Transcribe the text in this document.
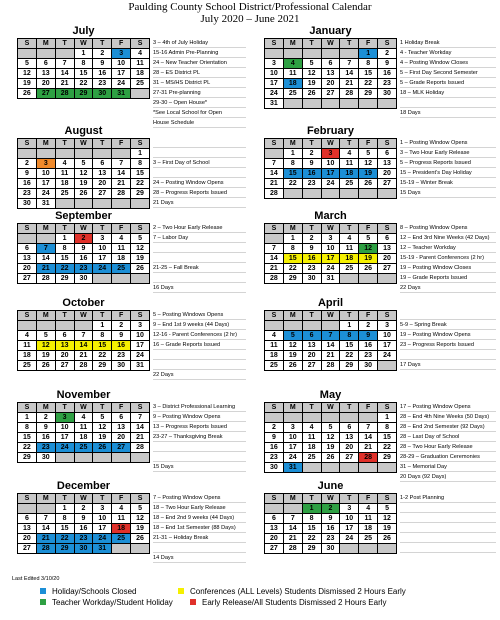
Paulding County School District/Professional Calendar
July 2020 – June 2021
July
S	M	T	W	T	F	S
			1	2	3	4
5	6	7	8	9	10	11
12	13	14	15	16	17	18
19	20	21	22	23	24	25
26	27	28	29	30	31	
3 – 4th of July Holiday
15-16 Admin Pre-Planning
24 – New Teacher Orientation
28 – ES District PL
31 – MS/HS District PL
27-31 Pre-planning
29-30 – Open House*
*See Local School for Open
House Schedule
August
S	M	T	W	T	F	S
						1
2	3	4	5	6	7	8
9	10	11	12	13	14	15
16	17	18	19	20	21	22
23	24	25	26	27	28	29
30	31					
3 – First Day of School
24 – Posting Window Opens
28 – Progress Reports Issued
21 Days
September
S	M	T	W	T	F	S
		1	2	3	4	5
6	7	8	9	10	11	12
13	14	15	16	17	18	19
20	21	22	23	24	25	26
27	28	29	30			
2 – Two Hour Early Release
7 – Labor Day
21-25 – Fall Break
16 Days
October
S	M	T	W	T	F	S
				1	2	3
4	5	6	7	8	9	10
11	12	13	14	15	16	17
18	19	20	21	22	23	24
25	26	27	28	29	30	31
5 – Posting Windows Opens
9 – End 1st 9 weeks (44 Days)
12-16 - Parent Conferences (2 hr)
16 – Grade Reports Issued
22 Days
November
S	M	T	W	T	F	S
1	2	3	4	5	6	7
8	9	10	11	12	13	14
15	16	17	18	19	20	21
22	23	24	25	26	27	28
29	30					
3 – District Professional Learning
9 – Posting Window Opens
13 – Progress Reports Issued
23-27 – Thanksgiving Break
15 Days
December
S	M	T	W	T	F	S
		1	2	3	4	5
6	7	8	9	10	11	12
13	14	15	16	17	18	19
20	21	22	23	24	25	26
27	28	29	30	31		
7 – Posting Window Opens
18 – Two Hour Early Release
18 – End 2nd 9 weeks (44 Days)
18 – End 1st Semester (88 Days)
21-31 – Holiday Break
14 Days
January
S	M	T	W	T	F	S
					1	2
3	4	5	6	7	8	9
10	11	12	13	14	15	16
17	18	19	20	21	22	23
24	25	26	27	28	29	30
31						
1 Holiday Break
4 - Teacher Workday
4 – Posting Window Closes
5 – First Day Second Semester
5 – Grade Reports Issued
18 – MLK Holiday
18 Days
February
S	M	T	W	T	F	S
	1	2	3	4	5	6
7	8	9	10	11	12	13
14	15	16	17	18	19	20
21	22	23	24	25	26	27
28						
1 – Posting Window Opens
3 – Two Hour Early Release
5 – Progress Reports Issued
15 – President’s Day Holiday
15-19 – Winter Break
15 Days
March
S	M	T	W	T	F	S
	1	2	3	4	5	6
7	8	9	10	11	12	13
14	15	16	17	18	19	20
21	22	23	24	25	26	27
28	29	30	31			
8 – Posting Window Opens
12 – End 3rd Nine Weeks (42 Days)
12 – Teacher Workday
15-19 - Parent Conferences (2 hr)
19 – Posting Window Closes
19 – Grade Reports Issued
22 Days
April
S	M	T	W	T	F	S
				1	2	3
4	5	6	7	8	9	10
11	12	13	14	15	16	17
18	19	20	21	22	23	24
25	26	27	28	29	30	
5-9 – Spring Break
19 – Posting Window Opens
23 – Progress Reports Issued
17 Days
May
S	M	T	W	T	F	S
						1
2	3	4	5	6	7	8
9	10	11	12	13	14	15
16	17	18	19	20	21	22
23	24	25	26	27	28	29
30	31					
17 – Posting Window Opens
28 – End 4th Nine Weeks (50 Days)
28 – End 2nd Semester (92 Days)
28 – Last Day of School
28 – Two Hour Early Release
28-29 – Graduation Ceremonies
31 – Memorial Day
20 Days (92 Days)
June
S	M	T	W	T	F	S
		1	2	3	4	5
6	7	8	9	10	11	12
13	14	15	16	17	18	19
20	21	22	23	24	25	26
27	28	29	30			
1-2 Post Planning
Last Edited 3/10/20
Holiday/Schools Closed
Teacher Workday/Student Holiday
Conferences (ALL Levels) Students Dismissed 2 Hours Early
Early Release/All Students Dismissed 2 Hours Early
